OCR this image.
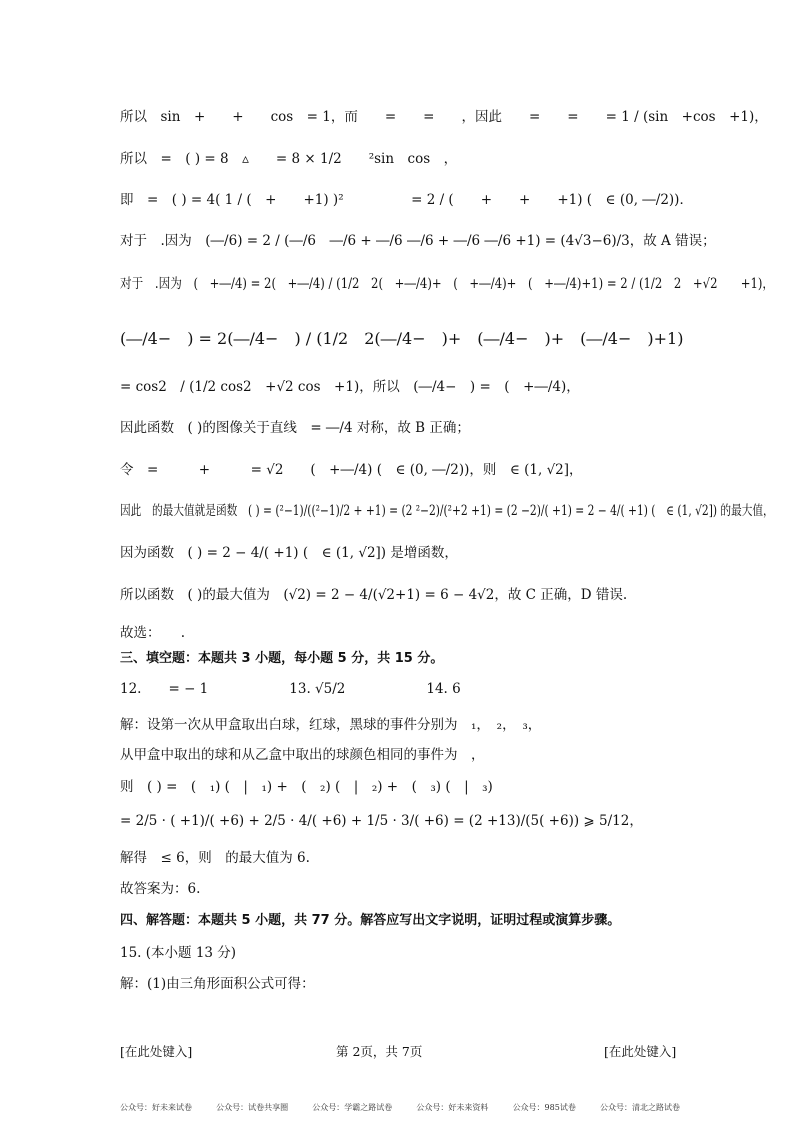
所以　sin　+　　+　　cos　= 1，而　　=　　=　　，因此　　=　　=　　= 1 / (sin　+cos　+1)，
所以　=　( ) = 8　▵　　= 8 × 1/2　　²sin　cos　，
即　=　( ) = 4( 1 / (　+　　+1) )²　　　　　= 2 / (　　+　　+　　+1) (　∈ (0, ―/2))．
对于　.因为　(―/6) = 2 / (―/6　―/6 + ―/6 ―/6 + ―/6 ―/6 +1) = (4√3−6)/3，故 A 错误；
对于　.因为　(　+―/4) = 2(　+―/4) / (1/2　2(　+―/4)+　(　+―/4)+　(　+―/4)+1) = 2 / (1/2　2　+√2　　+1)，
(―/4−　) = 2(―/4−　) / (1/2　2(―/4−　)+　(―/4−　)+　(―/4−　)+1)
= cos2　/ (1/2 cos2　+√2 cos　+1)，所以　(―/4−　) =　(　+―/4)，
因此函数　( )的图像关于直线　= ―/4 对称，故 B 正确；
令　=　　　+　　　= √2　　(　+―/4) (　∈ (0, ―/2))，则　∈ (1, √2]，
因此　的最大值就是函数　( ) = (²−1)/((²−1)/2 + +1) = (2 ²−2)/(²+2 +1) = (2 −2)/( +1) = 2 − 4/( +1) (　∈ (1, √2]) 的最大值，
因为函数　( ) = 2 − 4/( +1) (　∈ (1, √2]) 是增函数，
所以函数　( )的最大值为　(√2) = 2 − 4/(√2+1) = 6 − 4√2，故 C 正确，D 错误.
故选：　　.
三、填空题：本题共 3 小题，每小题 5 分，共 15 分。
12.　　= − 1　　　　　　13. √5/2　　　　　　14. 6
解：设第一次从甲盒取出白球，红球，黑球的事件分别为　₁，　₂，　₃，
从甲盒中取出的球和从乙盒中取出的球颜色相同的事件为　，
则　( ) =　(　₁) (　|　₁) +　(　₂) (　|　₂) +　(　₃) (　|　₃)
= 2/5 · ( +1)/( +6) + 2/5 · 4/( +6) + 1/5 · 3/( +6) = (2 +13)/(5( +6)) ⩾ 5/12，
解得　≤ 6，则　的最大值为 6.
故答案为：6.
四、解答题：本题共 5 小题，共 77 分。解答应写出文字说明，证明过程或演算步骤。
15. (本小题 13 分)
解：(1)由三角形面积公式可得：
[在此处键入]	第 2页，共 7页	[在此处键入]
公众号：好未来试卷	公众号：试卷共享圈	公众号：学霸之路试卷	公众号：好未来资料	公众号：985试卷	公众号：清北之路试卷
